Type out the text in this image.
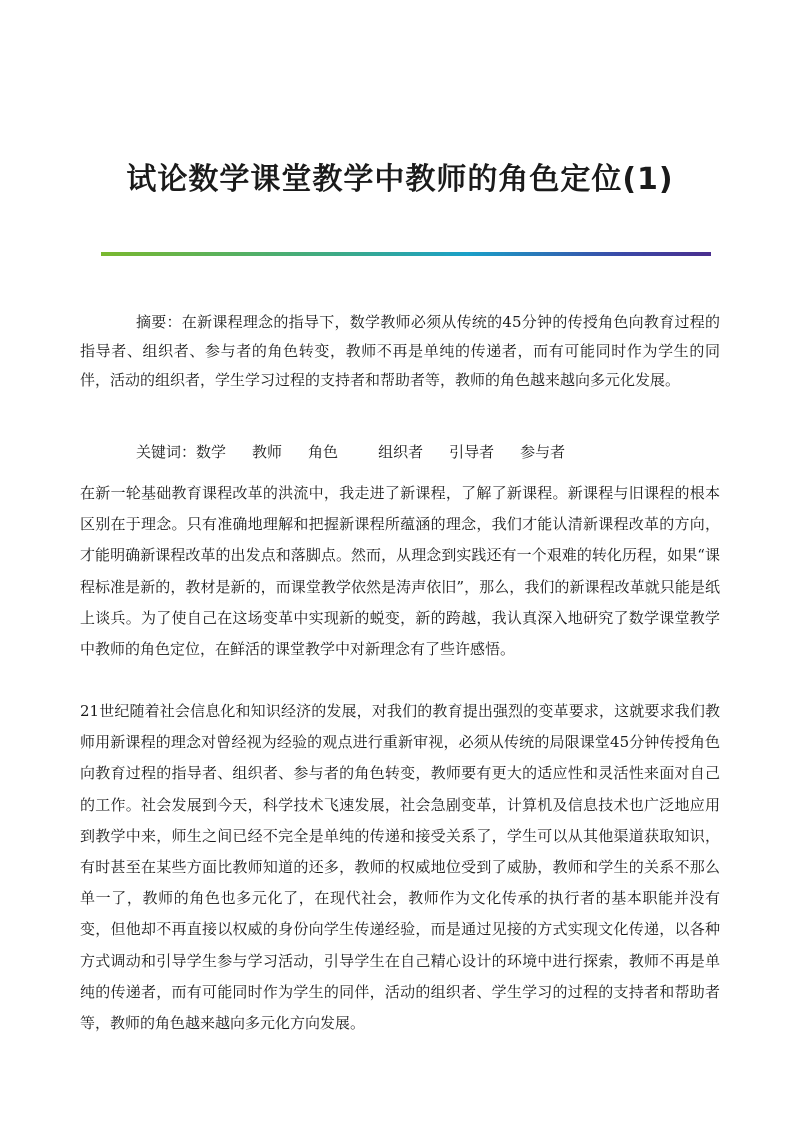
试论数学课堂教学中教师的角色定位(1)

摘要：在新课程理念的指导下，数学教师必须从传统的45分钟的传授角色向教育过程的指导者、组织者、参与者的角色转变，教师不再是单纯的传递者，而有可能同时作为学生的同伴，活动的组织者，学生学习过程的支持者和帮助者等，教师的角色越来越向多元化发展。

关键词：数学 教师 角色	组织者 引导者 参与者

在新一轮基础教育课程改革的洪流中，我走进了新课程，了解了新课程。新课程与旧课程的根本区别在于理念。只有准确地理解和把握新课程所蕴涵的理念，我们才能认清新课程改革的方向，才能明确新课程改革的出发点和落脚点。然而，从理念到实践还有一个艰难的转化历程，如果“课程标准是新的，教材是新的，而课堂教学依然是涛声依旧”，那么，我们的新课程改革就只能是纸上谈兵。为了使自己在这场变革中实现新的蜕变，新的跨越，我认真深入地研究了数学课堂教学中教师的角色定位，在鲜活的课堂教学中对新理念有了些许感悟。

21世纪随着社会信息化和知识经济的发展，对我们的教育提出强烈的变革要求，这就要求我们教师用新课程的理念对曾经视为经验的观点进行重新审视，必须从传统的局限课堂45分钟传授角色向教育过程的指导者、组织者、参与者的角色转变，教师要有更大的适应性和灵活性来面对自己的工作。社会发展到今天，科学技术飞速发展，社会急剧变革，计算机及信息技术也广泛地应用到教学中来，师生之间已经不完全是单纯的传递和接受关系了，学生可以从其他渠道获取知识，有时甚至在某些方面比教师知道的还多，教师的权威地位受到了威胁，教师和学生的关系不那么单一了，教师的角色也多元化了，在现代社会，教师作为文化传承的执行者的基本职能并没有变，但他却不再直接以权威的身份向学生传递经验，而是通过见接的方式实现文化传递，以各种方式调动和引导学生参与学习活动，引导学生在自己精心设计的环境中进行探索，教师不再是单纯的传递者，而有可能同时作为学生的同伴，活动的组织者、学生学习的过程的支持者和帮助者等，教师的角色越来越向多元化方向发展。
